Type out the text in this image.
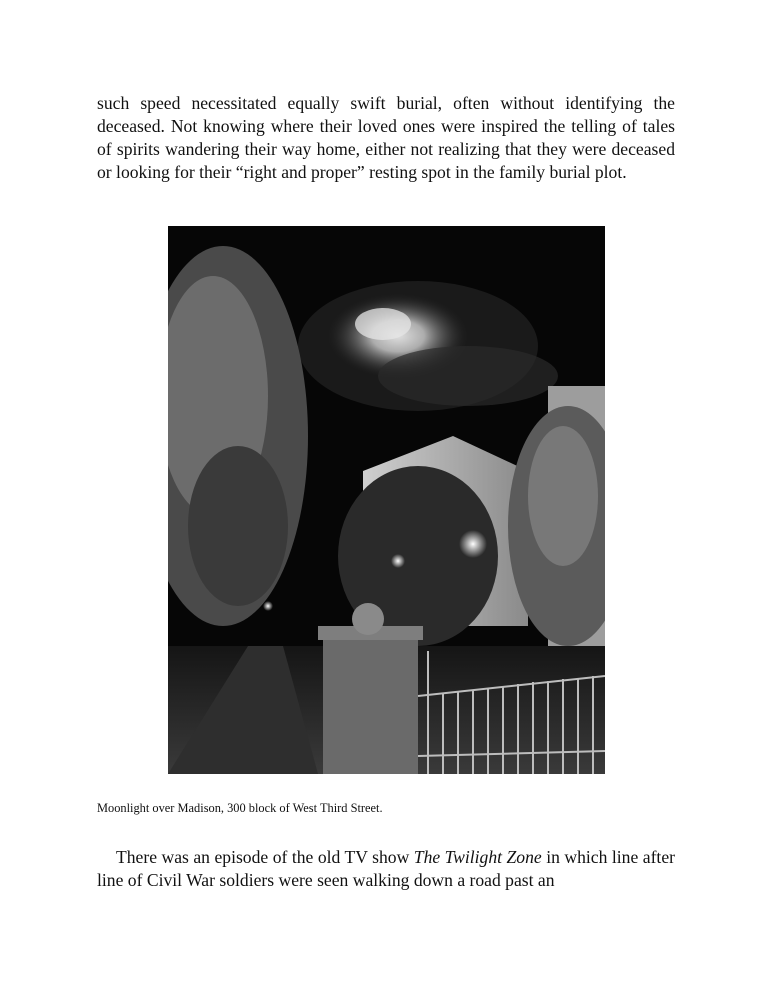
such speed necessitated equally swift burial, often without identifying the deceased. Not knowing where their loved ones were inspired the telling of tales of spirits wandering their way home, either not realizing that they were deceased or looking for their “right and proper” resting spot in the family burial plot.

Moonlight over Madison, 300 block of West Third Street.

There was an episode of the old TV show The Twilight Zone in which line after line of Civil War soldiers were seen walking down a road past an
